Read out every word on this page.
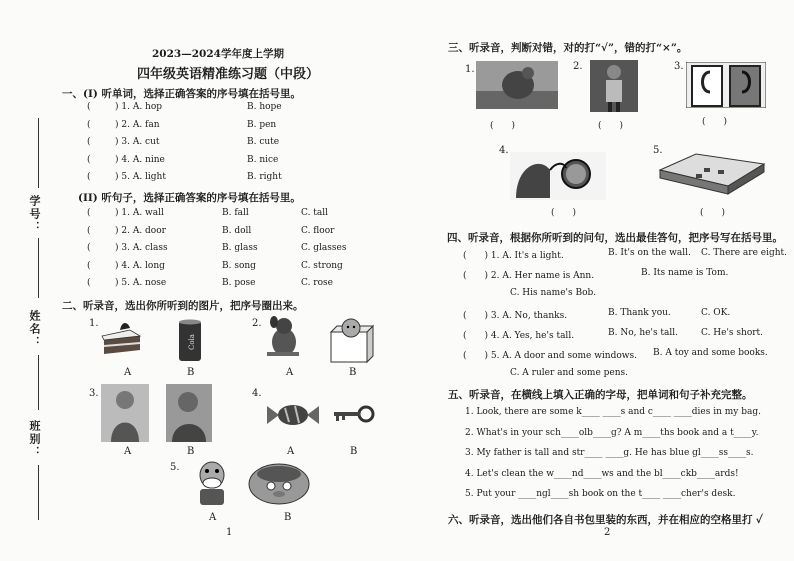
学号：
姓名：
班别：
2023—2024学年度上学期
四年级英语精准练习题（中段）
一、(I) 听单词，选择正确答案的序号填在括号里。
(	) 1. A. hop	B. hope
(	) 2. A. fan	B. pen
(	) 3. A. cut	B. cute
(	) 4. A. nine	B. nice
(	) 5. A. light	B. right
(II) 听句子，选择正确答案的序号填在括号里。
(	) 1. A. wall	B. fall	C. tall
(	) 2. A. door	B. doll	C. floor
(	) 3. A. class	B. glass	C. glasses
(	) 4. A. long	B. song	C. strong
(	) 5. A. nose	B. pose	C. rose
二、听录音，选出你所听到的图片，把序号圈出来。
1.
Cola
A	B
2.
A	B
3.
A	B
4.
A	B
5.
A	B
1
三、听录音，判断对错，对的打“√”，错的打“×”。
1.
(　　)
2.
(　　)
3.
(　　)
4.
(　　)
5.
(　　)
四、听录音，根据你所听到的问句，选出最佳答句，把序号写在括号里。
(　　) 1. A. It's a light.	B. It's on the wall. C. There are eight.
(　　) 2. A. Her name is Ann.	B. Its name is Tom.
C. His name's Bob.
(　　) 3. A. No, thanks.	B. Thank you.	C. OK.
(　　) 4. A. Yes, he's tall.	B. No, he's tall.	C. He's short.
(　　) 5. A. A door and some windows. B. A toy and some books.
C. A ruler and some pens.
五、听录音，在横线上填入正确的字母，把单词和句子补充完整。
1. Look, there are some k____ ____s and c____ ____dies in my bag.
2. What's in your sch____olb____g? A m____ths book and a t____y.
3. My father is tall and str____ ____g. He has blue gl____ss____s.
4. Let's clean the w____nd____ws and the bl____ckb____ards!
5. Put your ____ngl____sh book on the t____ ____cher's desk.
六、听录音，选出他们各自书包里装的东西，并在相应的空格里打 ✓
2
